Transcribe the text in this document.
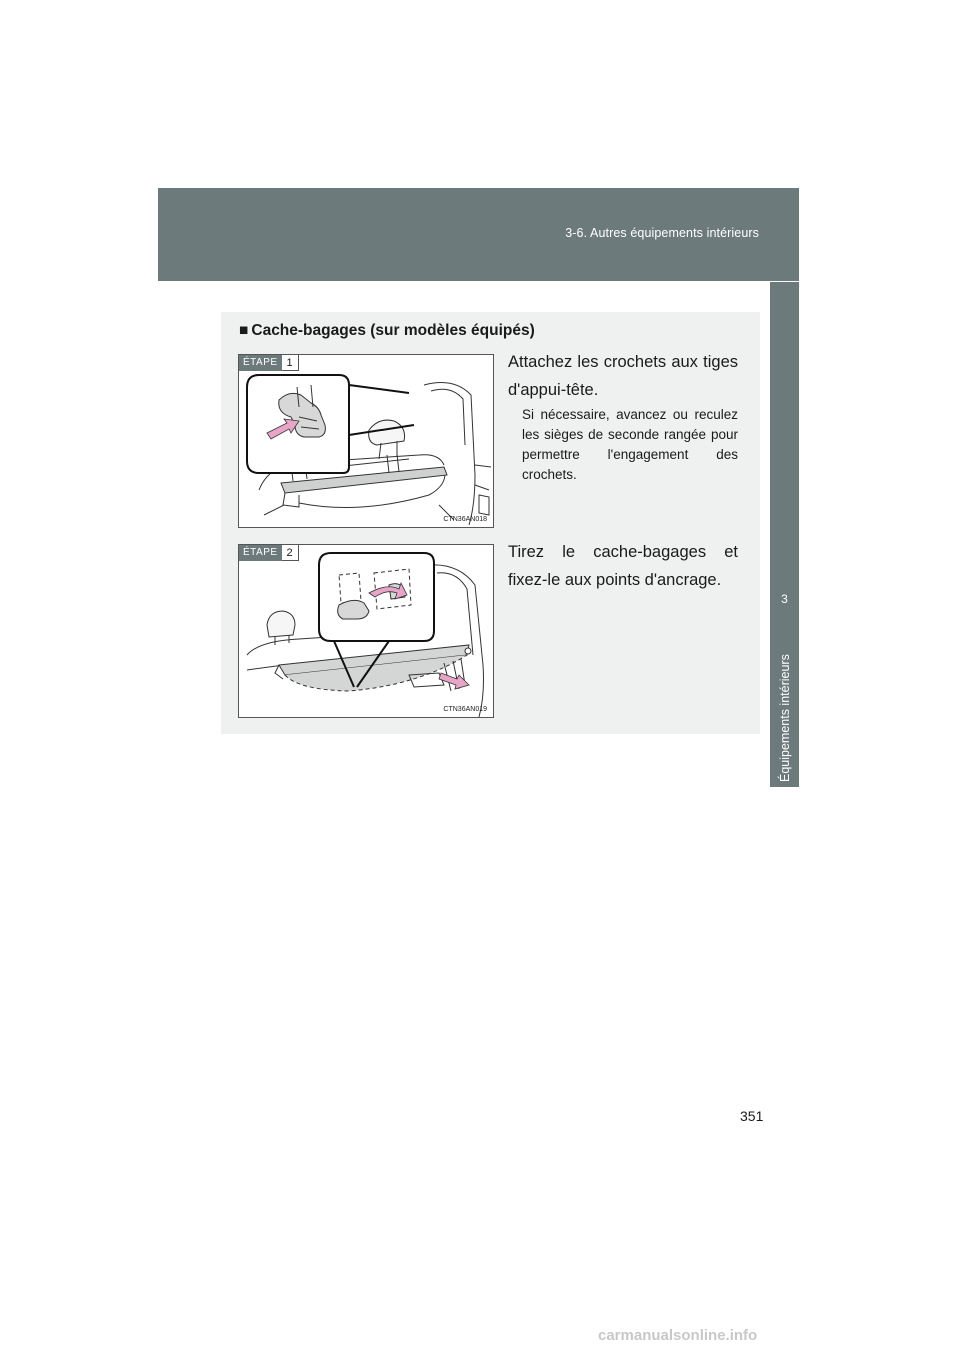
3-6. Autres équipements intérieurs
3
Équipements intérieurs
■ Cache-bagages (sur modèles équipés)
ÉTAPE 1
CTN36AN018
Attachez les crochets aux tiges d'appui-tête.
Si nécessaire, avancez ou reculez les sièges de seconde rangée pour permettre l'engagement des crochets.
ÉTAPE 2
CTN36AN019
Tirez le cache-bagages et fixez-le aux points d'ancrage.
351
carmanualsonline.info
